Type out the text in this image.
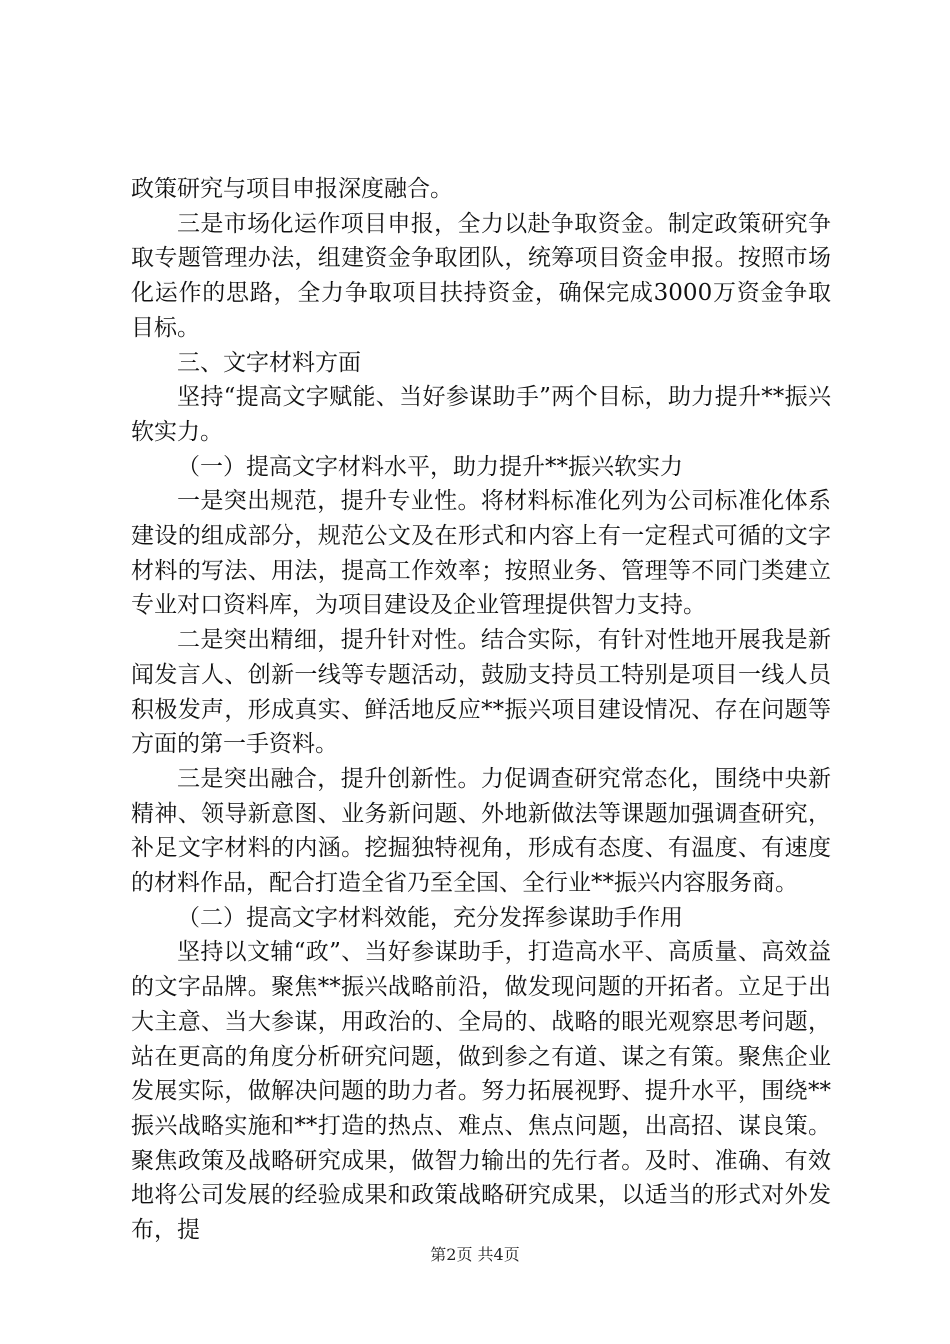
政策研究与项目申报深度融合。

三是市场化运作项目申报，全力以赴争取资金。制定政策研究争取专题管理办法，组建资金争取团队，统筹项目资金申报。按照市场化运作的思路，全力争取项目扶持资金，确保完成3000万资金争取目标。

三、文字材料方面

坚持“提高文字赋能、当好参谋助手”两个目标，助力提升**振兴软实力。

（一）提高文字材料水平，助力提升**振兴软实力

一是突出规范，提升专业性。将材料标准化列为公司标准化体系建设的组成部分，规范公文及在形式和内容上有一定程式可循的文字材料的写法、用法，提高工作效率；按照业务、管理等不同门类建立专业对口资料库，为项目建设及企业管理提供智力支持。

二是突出精细，提升针对性。结合实际，有针对性地开展我是新闻发言人、创新一线等专题活动，鼓励支持员工特别是项目一线人员积极发声，形成真实、鲜活地反应**振兴项目建设情况、存在问题等方面的第一手资料。

三是突出融合，提升创新性。力促调查研究常态化，围绕中央新精神、领导新意图、业务新问题、外地新做法等课题加强调查研究，补足文字材料的内涵。挖掘独特视角，形成有态度、有温度、有速度的材料作品，配合打造全省乃至全国、全行业**振兴内容服务商。

（二）提高文字材料效能，充分发挥参谋助手作用

坚持以文辅“政”、当好参谋助手，打造高水平、高质量、高效益的文字品牌。聚焦**振兴战略前沿，做发现问题的开拓者。立足于出大主意、当大参谋，用政治的、全局的、战略的眼光观察思考问题，站在更高的角度分析研究问题，做到参之有道、谋之有策。聚焦企业发展实际，做解决问题的助力者。努力拓展视野、提升水平，围绕**振兴战略实施和**打造的热点、难点、焦点问题，出高招、谋良策。聚焦政策及战略研究成果，做智力输出的先行者。及时、准确、有效地将公司发展的经验成果和政策战略研究成果，以适当的形式对外发布，提

第2页 共4页
